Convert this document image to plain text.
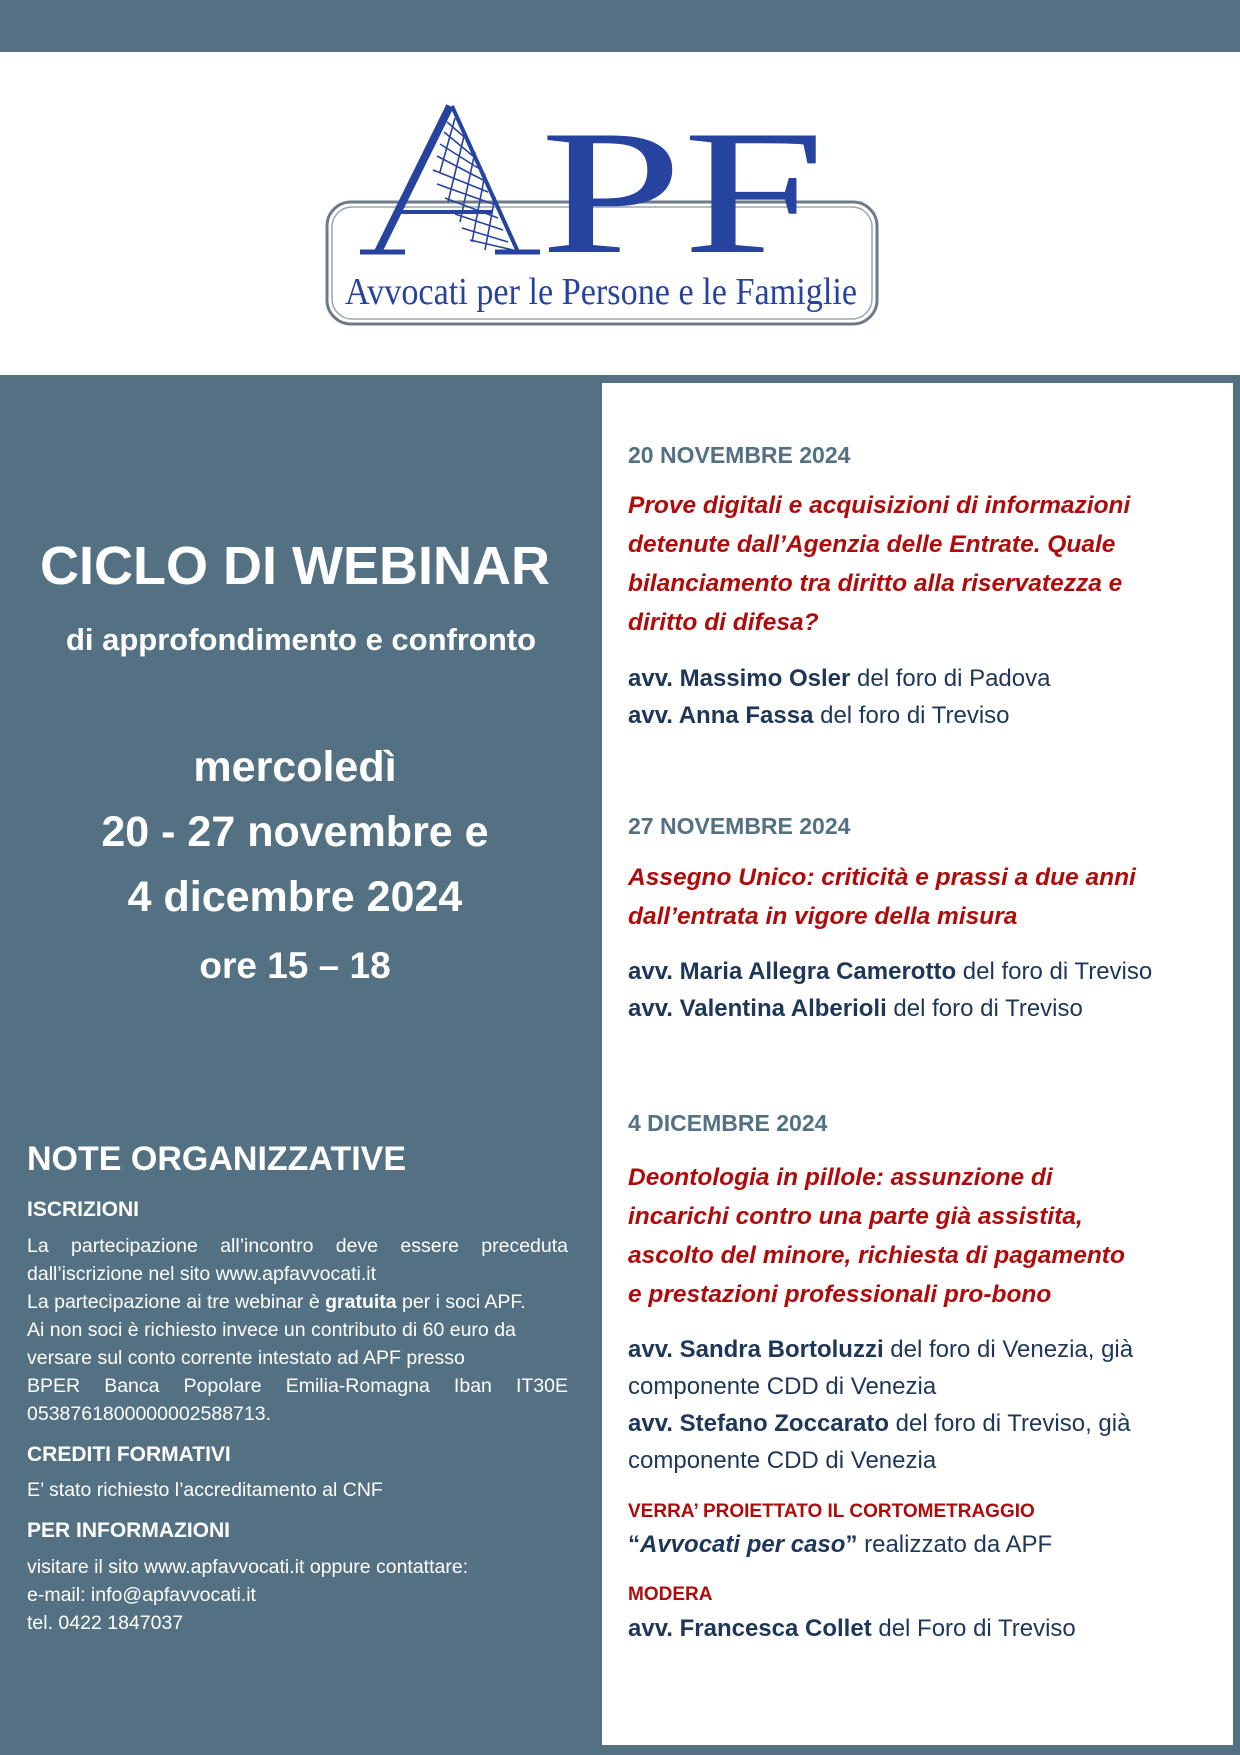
PF
Avvocati per le Persone e le Famiglie
CICLO DI WEBINAR
di approfondimento e confronto
mercoledì
20 - 27 novembre e
4 dicembre 2024
ore 15 – 18
NOTE ORGANIZZATIVE
ISCRIZIONI
La partecipazione all’incontro deve essere preceduta
dall’iscrizione nel sito www.apfavvocati.it
La partecipazione ai tre webinar è gratuita per i soci APF.
Ai non soci è richiesto invece un contributo di 60 euro da
versare sul conto corrente intestato ad APF presso
BPER Banca Popolare Emilia-Romagna Iban IT30E
0538761800000002588713.
CREDITI FORMATIVI
E’ stato richiesto l’accreditamento al CNF
PER INFORMAZIONI
visitare il sito www.apfavvocati.it oppure contattare:
e-mail: info@apfavvocati.it
tel. 0422 1847037
20 NOVEMBRE 2024
Prove digitali e acquisizioni di informazioni
detenute dall’Agenzia delle Entrate. Quale
bilanciamento tra diritto alla riservatezza e
diritto di difesa?
avv. Massimo Osler del foro di Padova
avv. Anna Fassa del foro di Treviso
27 NOVEMBRE 2024
Assegno Unico: criticità e prassi a due anni
dall’entrata in vigore della misura
avv. Maria Allegra Camerotto del foro di Treviso
avv. Valentina Alberioli del foro di Treviso
4 DICEMBRE 2024
Deontologia in pillole: assunzione di
incarichi contro una parte già assistita,
ascolto del minore, richiesta di pagamento
e prestazioni professionali pro-bono
avv. Sandra Bortoluzzi del foro di Venezia, già
componente CDD di Venezia
avv. Stefano Zoccarato del foro di Treviso, già
componente CDD di Venezia
VERRA’ PROIETTATO IL CORTOMETRAGGIO
“Avvocati per caso” realizzato da APF
MODERA
avv. Francesca Collet del Foro di Treviso
